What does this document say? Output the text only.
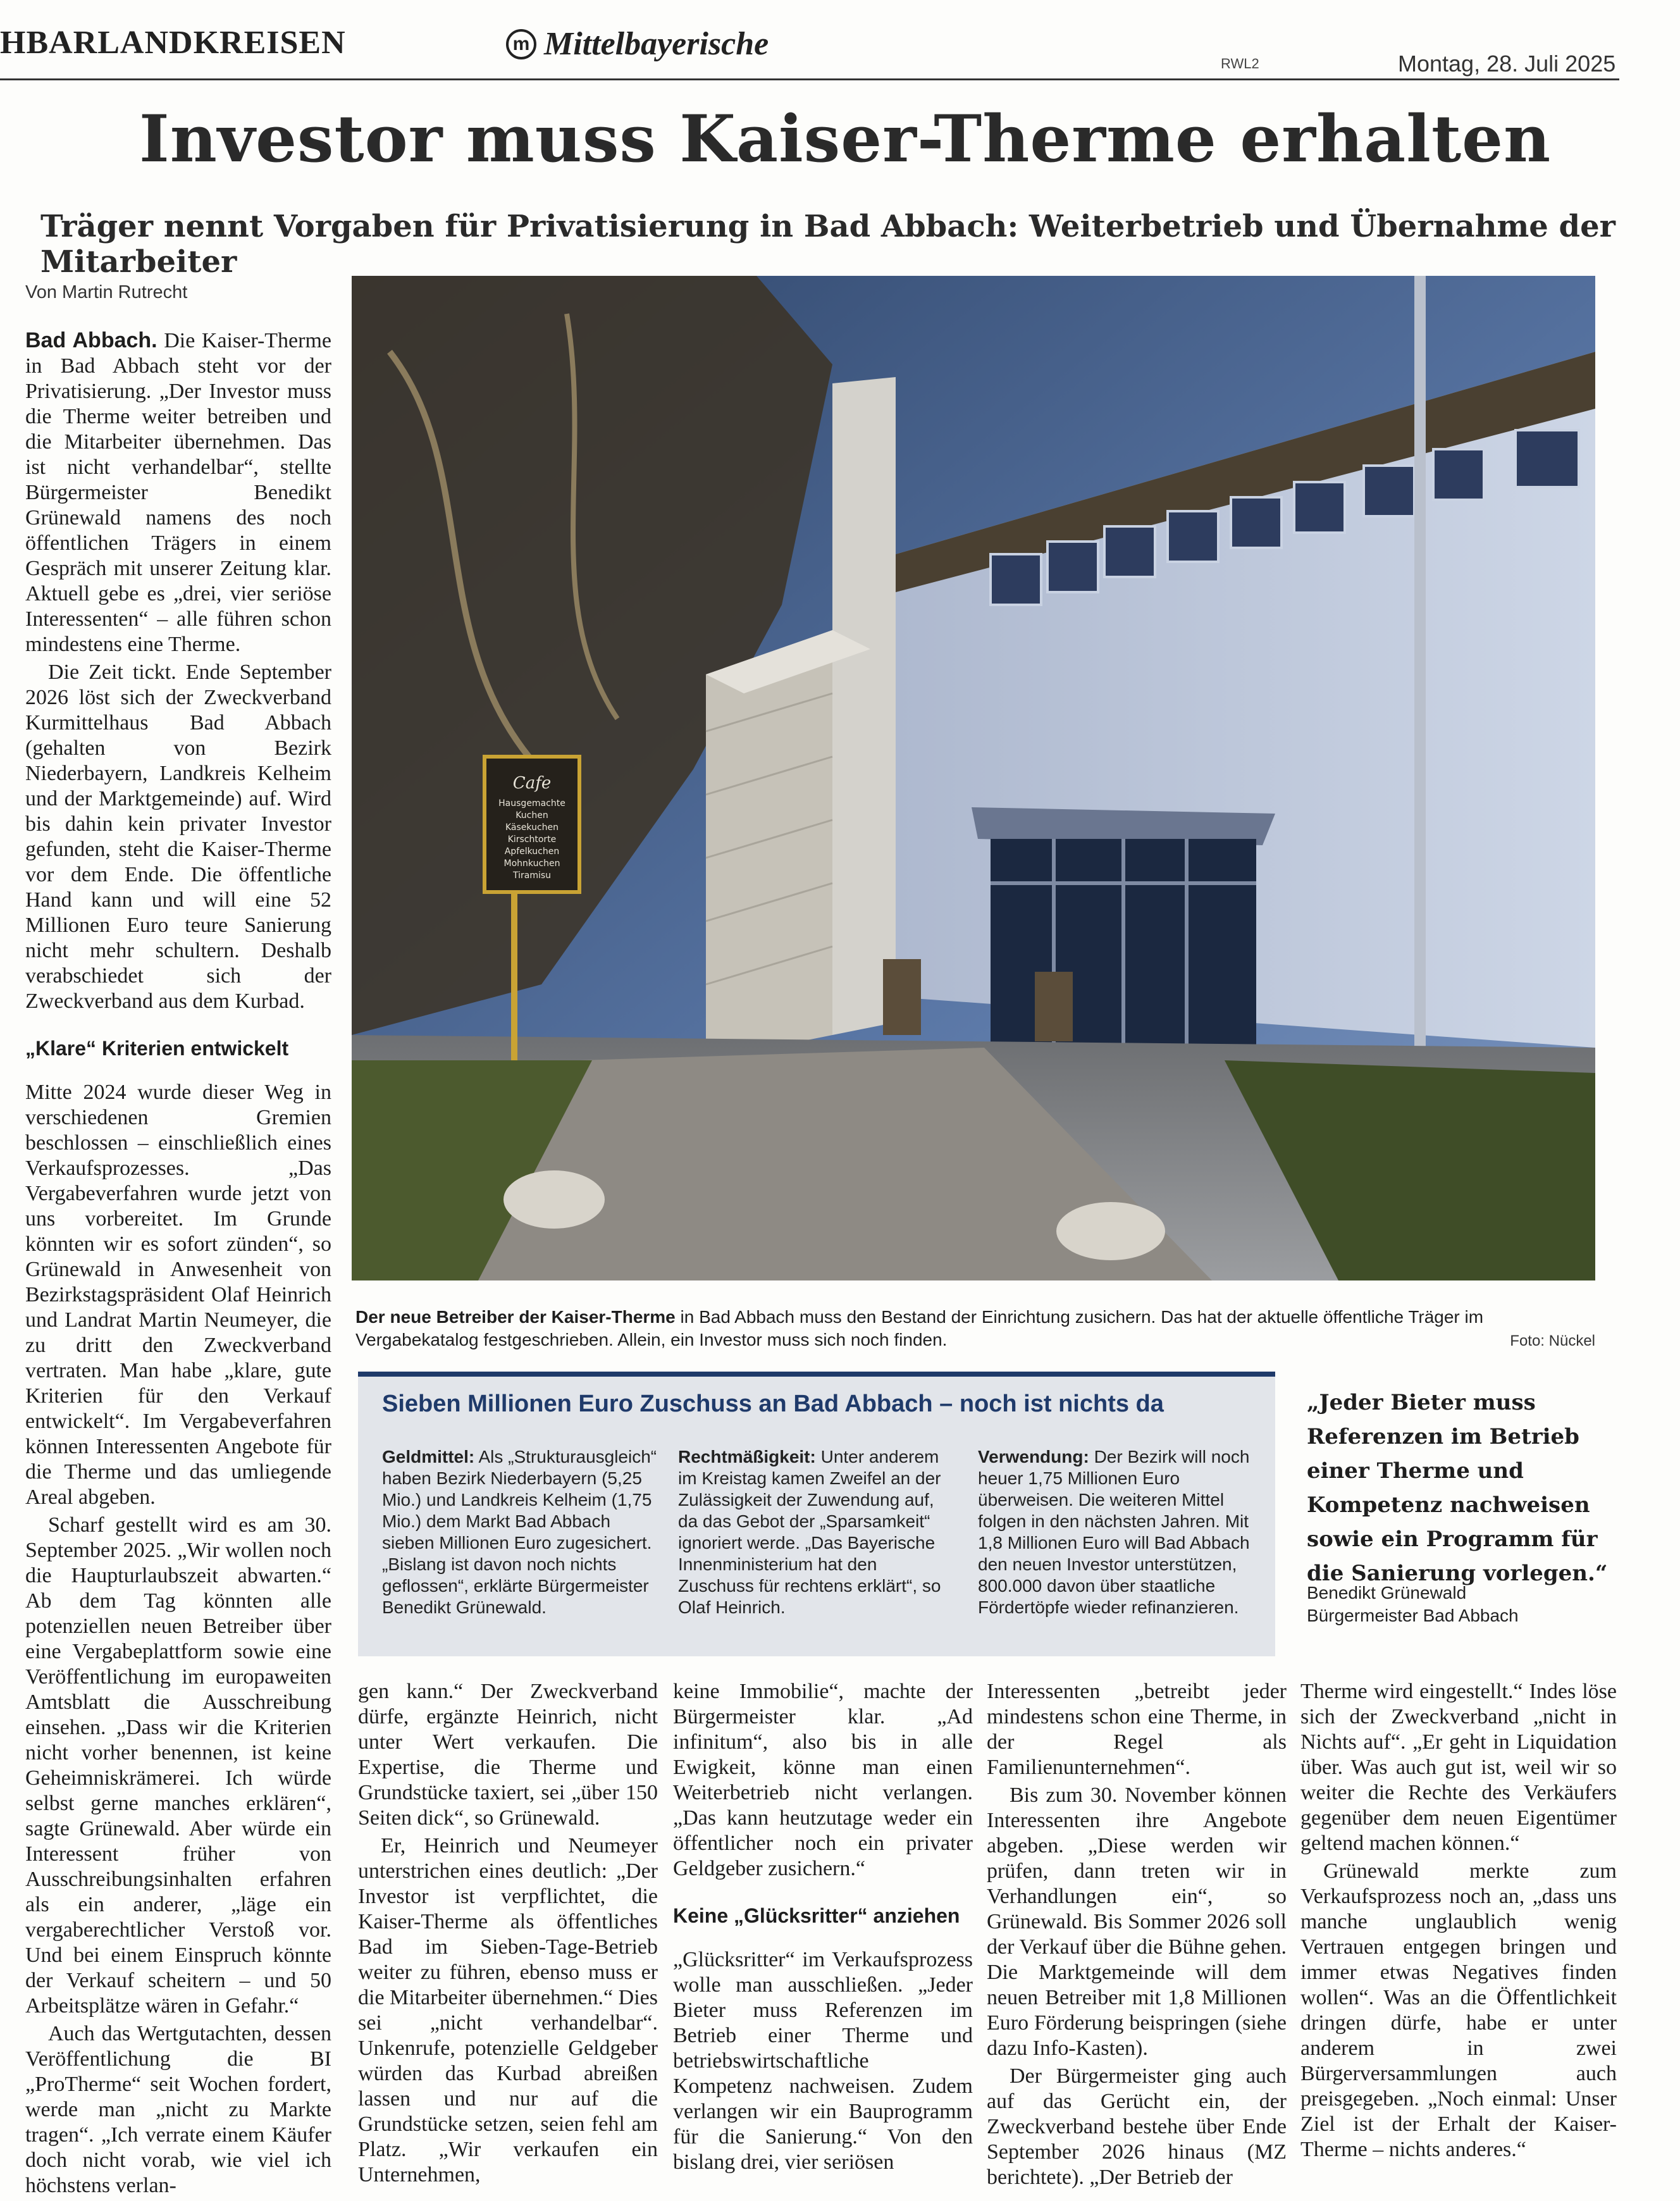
HBARLANDKREISEN	m Mittelbayerische
RWL2	Montag, 28. Juli 2025
Investor muss Kaiser-Therme erhalten
Träger nennt Vorgaben für Privatisierung in Bad Abbach: Weiterbetrieb und Übernahme der Mitarbeiter
Von Martin Rutrecht

Bad Abbach. Die Kaiser-Therme in Bad Abbach steht vor der Privatisierung. „Der Investor muss die Therme weiter betreiben und die Mitarbeiter übernehmen. Das ist nicht verhandelbar“, stellte Bürgermeister Benedikt Grünewald namens des noch öffentlichen Trägers in einem Gespräch mit unserer Zeitung klar. Aktuell gebe es „drei, vier seriöse Interessenten“ – alle führen schon mindestens eine Therme.

Die Zeit tickt. Ende September 2026 löst sich der Zweckverband Kurmittelhaus Bad Abbach (gehalten von Bezirk Niederbayern, Landkreis Kelheim und der Marktgemeinde) auf. Wird bis dahin kein privater Investor gefunden, steht die Kaiser-Therme vor dem Ende. Die öffentliche Hand kann und will eine 52 Millionen Euro teure Sanierung nicht mehr schultern. Deshalb verabschiedet sich der Zweckverband aus dem Kurbad.

„Klare“ Kriterien entwickelt

Mitte 2024 wurde dieser Weg in verschiedenen Gremien beschlossen – einschließlich eines Verkaufsprozesses. „Das Vergabeverfahren wurde jetzt von uns vorbereitet. Im Grunde könnten wir es sofort zünden“, so Grünewald in Anwesenheit von Bezirkstagspräsident Olaf Heinrich und Landrat Martin Neumeyer, die zu dritt den Zweckverband vertraten. Man habe „klare, gute Kriterien für den Verkauf entwickelt“. Im Vergabeverfahren können Interessenten Angebote für die Therme und das umliegende Areal abgeben.

Scharf gestellt wird es am 30. September 2025. „Wir wollen noch die Haupturlaubszeit abwarten.“ Ab dem Tag könnten alle potenziellen neuen Betreiber über eine Vergabeplattform sowie eine Veröffentlichung im europaweiten Amtsblatt die Ausschreibung einsehen. „Dass wir die Kriterien nicht vorher benennen, ist keine Geheimniskrämerei. Ich würde selbst gerne manches erklären“, sagte Grünewald. Aber würde ein Interessent früher von Ausschreibungsinhalten erfahren als ein anderer, „läge ein vergaberechtlicher Verstoß vor. Und bei einem Einspruch könnte der Verkauf scheitern – und 50 Arbeitsplätze wären in Gefahr.“

Auch das Wertgutachten, dessen Veröffentlichung die BI „ProTherme“ seit Wochen fordert, werde man „nicht zu Markte tragen“. „Ich verrate einem Käufer doch nicht vorab, wie viel ich höchstens verlan-

Cafe
Hausgemachte
Kuchen
Käsekuchen
Kirschtorte
Apfelkuchen
Mohnkuchen
Tiramisu
Der neue Betreiber der Kaiser-Therme in Bad Abbach muss den Bestand der Einrichtung zusichern. Das hat der aktuelle öffentliche Träger im Vergabekatalog festgeschrieben. Allein, ein Investor muss sich noch finden.	Foto: Nückel
Sieben Millionen Euro Zuschuss an Bad Abbach – noch ist nichts da
Geldmittel: Als „Strukturausgleich“ haben Bezirk Niederbayern (5,25 Mio.) und Landkreis Kelheim (1,75 Mio.) dem Markt Bad Abbach sieben Millionen Euro zugesichert. „Bislang ist davon noch nichts geflossen“, erklärte Bürgermeister Benedikt Grünewald.
Rechtmäßigkeit: Unter anderem im Kreistag kamen Zweifel an der Zulässigkeit der Zuwendung auf, da das Gebot der „Sparsamkeit“ ignoriert werde. „Das Bayerische Innenministerium hat den Zuschuss für rechtens erklärt“, so Olaf Heinrich.
Verwendung: Der Bezirk will noch heuer 1,75 Millionen Euro überweisen. Die weiteren Mittel folgen in den nächsten Jahren. Mit 1,8 Millionen Euro will Bad Abbach den neuen Investor unterstützen, 800.000 davon über staatliche Fördertöpfe wieder refinanzieren.
„Jeder Bieter muss Referenzen im Betrieb einer Therme und Kompetenz nachweisen sowie ein Programm für die Sanierung vorlegen.“
Benedikt Grünewald
Bürgermeister Bad Abbach

gen kann.“ Der Zweckverband dürfe, ergänzte Heinrich, nicht unter Wert verkaufen. Die Expertise, die Therme und Grundstücke taxiert, sei „über 150 Seiten dick“, so Grünewald.

Er, Heinrich und Neumeyer unterstrichen eines deutlich: „Der Investor ist verpflichtet, die Kaiser-Therme als öffentliches Bad im Sieben-Tage-Betrieb weiter zu führen, ebenso muss er die Mitarbeiter übernehmen.“ Dies sei „nicht verhandelbar“. Unkenrufe, potenzielle Geldgeber würden das Kurbad abreißen lassen und nur auf die Grundstücke setzen, seien fehl am Platz. „Wir verkaufen ein Unternehmen,

keine Immobilie“, machte der Bürgermeister klar. „Ad infinitum“, also bis in alle Ewigkeit, könne man einen Weiterbetrieb nicht verlangen. „Das kann heutzutage weder ein öffentlicher noch ein privater Geldgeber zusichern.“

Keine „Glücksritter“ anziehen

„Glücksritter“ im Verkaufsprozess wolle man ausschließen. „Jeder Bieter muss Referenzen im Betrieb einer Therme und betriebswirtschaftliche Kompetenz nachweisen. Zudem verlangen wir ein Bauprogramm für die Sanierung.“ Von den bislang drei, vier seriösen

Interessenten „betreibt jeder mindestens schon eine Therme, in der Regel als Familienunternehmen“.

Bis zum 30. November können Interessenten ihre Angebote abgeben. „Diese werden wir prüfen, dann treten wir in Verhandlungen ein“, so Grünewald. Bis Sommer 2026 soll der Verkauf über die Bühne gehen. Die Marktgemeinde will dem neuen Betreiber mit 1,8 Millionen Euro Förderung beispringen (siehe dazu Info-Kasten).

Der Bürgermeister ging auch auf das Gerücht ein, der Zweckverband bestehe über Ende September 2026 hinaus (MZ berichtete). „Der Betrieb der

Therme wird eingestellt.“ Indes löse sich der Zweckverband „nicht in Nichts auf“. „Er geht in Liquidation über. Was auch gut ist, weil wir so weiter die Rechte des Verkäufers gegenüber dem neuen Eigentümer geltend machen können.“

Grünewald merkte zum Verkaufsprozess noch an, „dass uns manche unglaublich wenig Vertrauen entgegen bringen und immer etwas Negatives finden wollen“. Was an die Öffentlichkeit dringen dürfe, habe er unter anderem in zwei Bürgerversammlungen auch preisgegeben. „Noch einmal: Unser Ziel ist der Erhalt der Kaiser-Therme – nichts anderes.“
